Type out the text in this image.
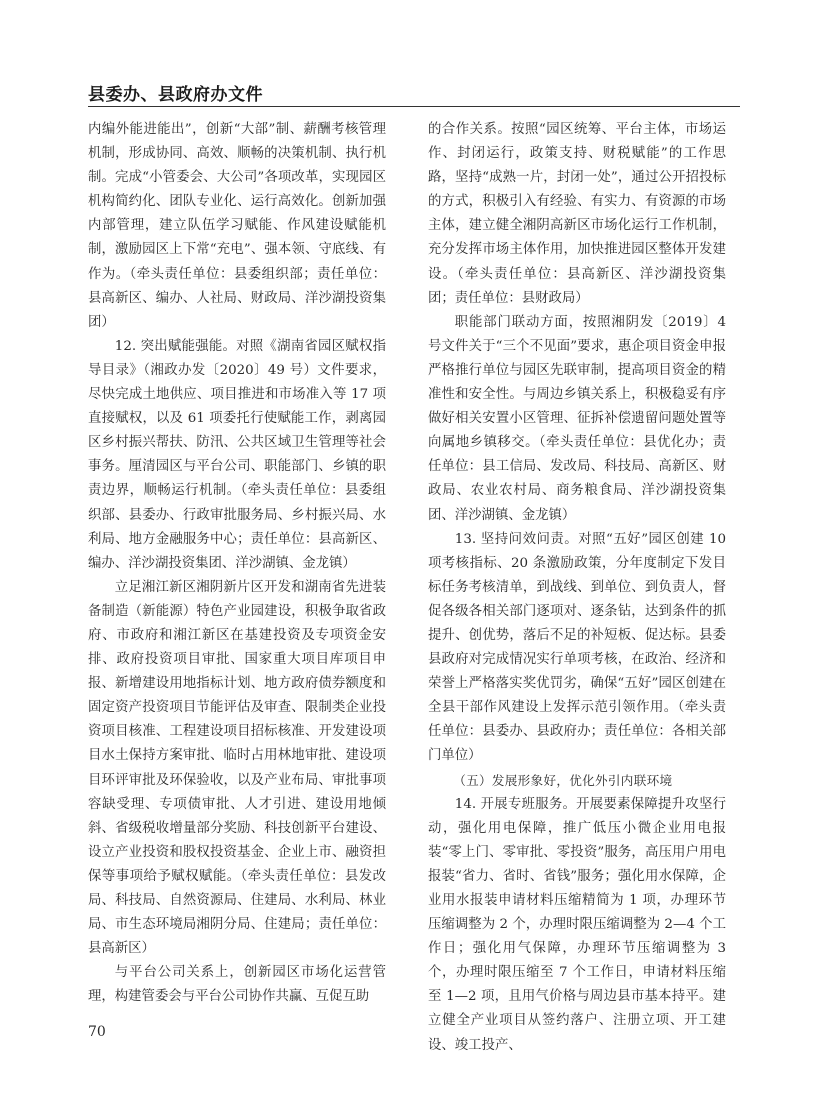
县委办、县政府办文件

内编外能进能出”，创新“大部”制、薪酬考核管理机制，形成协同、高效、顺畅的决策机制、执行机制。完成“小管委会、大公司”各项改革，实现园区机构简约化、团队专业化、运行高效化。创新加强内部管理，建立队伍学习赋能、作风建设赋能机制，激励园区上下常“充电”、强本领、守底线、有作为。（牵头责任单位：县委组织部；责任单位：县高新区、编办、人社局、财政局、洋沙湖投资集团）

12. 突出赋能强能。对照《湖南省园区赋权指导目录》（湘政办发〔2020〕49 号）文件要求，尽快完成土地供应、项目推进和市场准入等 17 项直接赋权，以及 61 项委托行使赋能工作，剥离园区乡村振兴帮扶、防汛、公共区域卫生管理等社会事务。厘清园区与平台公司、职能部门、乡镇的职责边界，顺畅运行机制。（牵头责任单位：县委组织部、县委办、行政审批服务局、乡村振兴局、水利局、地方金融服务中心；责任单位：县高新区、编办、洋沙湖投资集团、洋沙湖镇、金龙镇）

立足湘江新区湘阴新片区开发和湖南省先进装备制造（新能源）特色产业园建设，积极争取省政府、市政府和湘江新区在基建投资及专项资金安排、政府投资项目审批、国家重大项目库项目申报、新增建设用地指标计划、地方政府债券额度和固定资产投资项目节能评估及审查、限制类企业投资项目核准、工程建设项目招标核准、开发建设项目水土保持方案审批、临时占用林地审批、建设项目环评审批及环保验收，以及产业布局、审批事项容缺受理、专项债审批、人才引进、建设用地倾斜、省级税收增量部分奖励、科技创新平台建设、设立产业投资和股权投资基金、企业上市、融资担保等事项给予赋权赋能。（牵头责任单位：县发改局、科技局、自然资源局、住建局、水利局、林业局、市生态环境局湘阴分局、住建局；责任单位：县高新区）

与平台公司关系上，创新园区市场化运营管理，构建管委会与平台公司协作共赢、互促互助

的合作关系。按照“园区统筹、平台主体，市场运作、封闭运行，政策支持、财税赋能”的工作思路，坚持“成熟一片，封闭一处”，通过公开招投标的方式，积极引入有经验、有实力、有资源的市场主体，建立健全湘阴高新区市场化运行工作机制，充分发挥市场主体作用，加快推进园区整体开发建设。（牵头责任单位：县高新区、洋沙湖投资集团；责任单位：县财政局）

职能部门联动方面，按照湘阴发〔2019〕4 号文件关于“三个不见面”要求，惠企项目资金申报严格推行单位与园区先联审制，提高项目资金的精准性和安全性。与周边乡镇关系上，积极稳妥有序做好相关安置小区管理、征拆补偿遗留问题处置等向属地乡镇移交。（牵头责任单位：县优化办；责任单位：县工信局、发改局、科技局、高新区、财政局、农业农村局、商务粮食局、洋沙湖投资集团、洋沙湖镇、金龙镇）

13. 坚持问效问责。对照“五好”园区创建 10 项考核指标、20 条激励政策，分年度制定下发目标任务考核清单，到战线、到单位、到负责人，督促各级各相关部门逐项对、逐条钻，达到条件的抓提升、创优势，落后不足的补短板、促达标。县委县政府对完成情况实行单项考核，在政治、经济和荣誉上严格落实奖优罚劣，确保“五好”园区创建在全县干部作风建设上发挥示范引领作用。（牵头责任单位：县委办、县政府办；责任单位：各相关部门单位）

（五）发展形象好，优化外引内联环境

14. 开展专班服务。开展要素保障提升攻坚行动，强化用电保障，推广低压小微企业用电报装“零上门、零审批、零投资”服务，高压用户用电报装“省力、省时、省钱”服务；强化用水保障，企业用水报装申请材料压缩精简为 1 项，办理环节压缩调整为 2 个，办理时限压缩调整为 2—4 个工作日；强化用气保障，办理环节压缩调整为 3 个，办理时限压缩至 7 个工作日，申请材料压缩至 1—2 项，且用气价格与周边县市基本持平。建立健全产业项目从签约落户、注册立项、开工建设、竣工投产、

70
